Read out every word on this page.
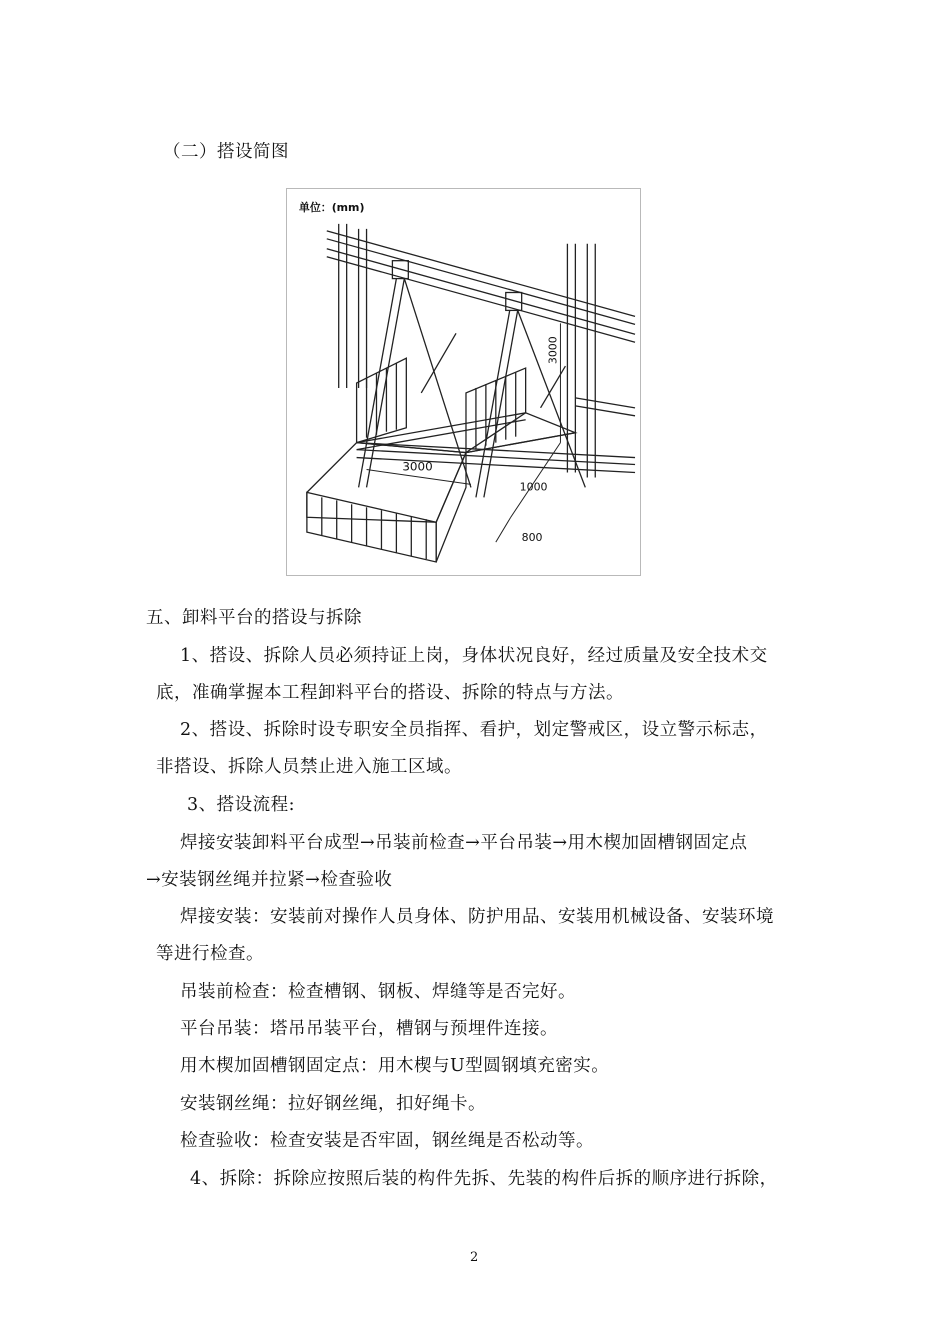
（二）搭设简图
单位：(mm)
3000
3000
1000
800
五、卸料平台的搭设与拆除
1、搭设、拆除人员必须持证上岗，身体状况良好，经过质量及安全技术交
底，准确掌握本工程卸料平台的搭设、拆除的特点与方法。
2、搭设、拆除时设专职安全员指挥、看护，划定警戒区，设立警示标志，
非搭设、拆除人员禁止进入施工区域。
3、搭设流程:
焊接安装卸料平台成型→吊装前检查→平台吊装→用木楔加固槽钢固定点
→安装钢丝绳并拉紧→检查验收
焊接安装：安装前对操作人员身体、防护用品、安装用机械设备、安装环境
等进行检查。
吊装前检查：检查槽钢、钢板、焊缝等是否完好。
平台吊装：塔吊吊装平台，槽钢与预埋件连接。
用木楔加固槽钢固定点：用木楔与U型圆钢填充密实。
安装钢丝绳：拉好钢丝绳，扣好绳卡。
检查验收：检查安装是否牢固，钢丝绳是否松动等。
4、拆除：拆除应按照后装的构件先拆、先装的构件后拆的顺序进行拆除，
2
